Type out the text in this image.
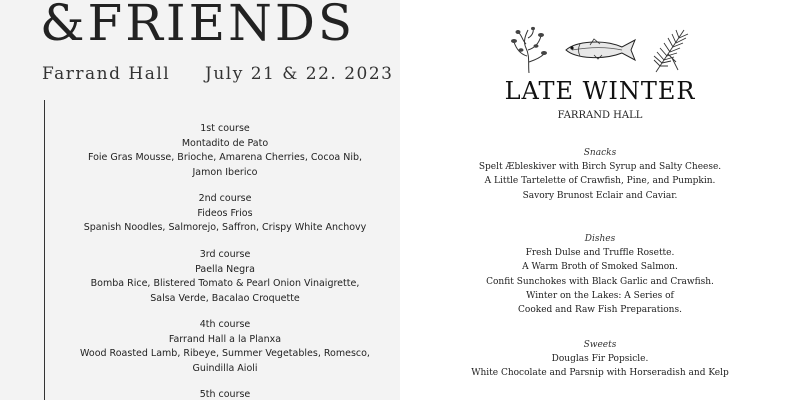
&FRIENDS
Farrand Hall July 21 & 22. 2023
1st course
Montadito de Pato
Foie Gras Mousse, Brioche, Amarena Cherries, Cocoa Nib,
Jamon Iberico
2nd course
Fideos Frios
Spanish Noodles, Salmorejo, Saffron, Crispy White Anchovy
3rd course
Paella Negra
Bomba Rice, Blistered Tomato & Pearl Onion Vinaigrette,
Salsa Verde, Bacalao Croquette
4th course
Farrand Hall a la Planxa
Wood Roasted Lamb, Ribeye, Summer Vegetables, Romesco,
Guindilla Aioli
5th course
LATE WINTER
FARRAND HALL
Snacks
Spelt Æbleskiver with Birch Syrup and Salty Cheese.
A Little Tartelette of Crawfish, Pine, and Pumpkin.
Savory Brunost Eclair and Caviar.
Dishes
Fresh Dulse and Truffle Rosette.
A Warm Broth of Smoked Salmon.
Confit Sunchokes with Black Garlic and Crawfish.
Winter on the Lakes: A Series of
Cooked and Raw Fish Preparations.
Sweets
Douglas Fir Popsicle.
White Chocolate and Parsnip with Horseradish and Kelp
